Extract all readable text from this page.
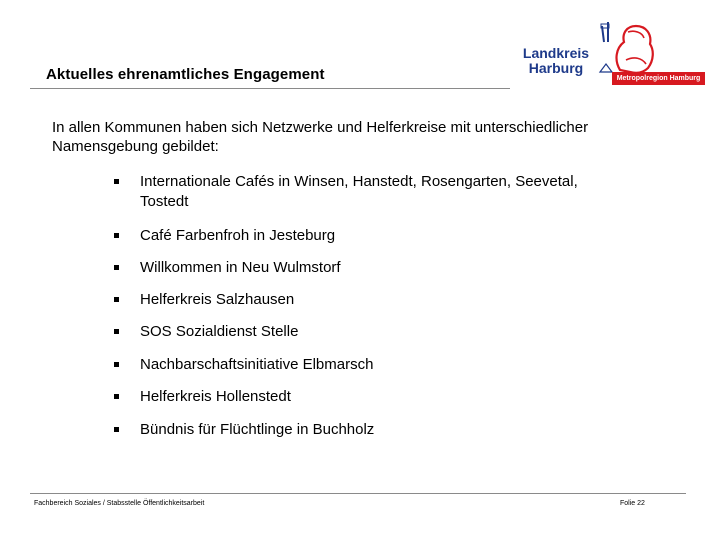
Aktuelles ehrenamtliches Engagement
Landkreis
Harburg
Metropolregion Hamburg
In allen Kommunen haben sich Netzwerke und Helferkreise mit unterschiedlicher Namensgebung gebildet:
Internationale Cafés in Winsen, Hanstedt, Rosengarten, Seevetal, Tostedt
Café Farbenfroh in Jesteburg
Willkommen in Neu Wulmstorf
Helferkreis Salzhausen
SOS Sozialdienst Stelle
Nachbarschaftsinitiative Elbmarsch
Helferkreis Hollenstedt
Bündnis für Flüchtlinge in Buchholz
Fachbereich Soziales / Stabsstelle Öffentlichkeitsarbeit	Folie 22
